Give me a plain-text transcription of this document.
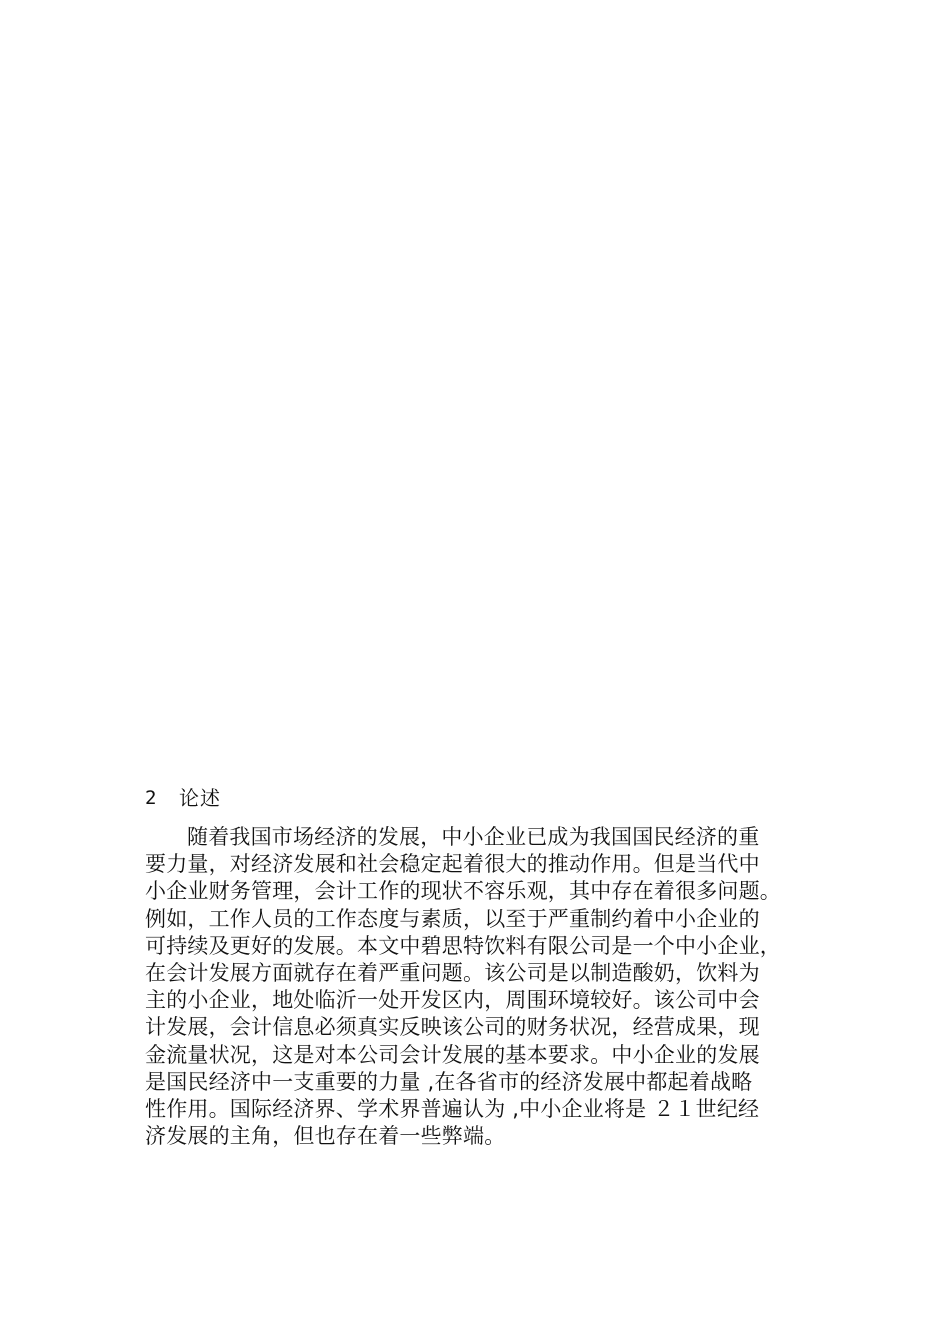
2	论述
随着我国市场经济的发展，中小企业已成为我国国民经济的重
要力量，对经济发展和社会稳定起着很大的推动作用。但是当代中
小企业财务管理，会计工作的现状不容乐观，其中存在着很多问题。
例如，工作人员的工作态度与素质，以至于严重制约着中小企业的
可持续及更好的发展。本文中碧思特饮料有限公司是一个中小企业，
在会计发展方面就存在着严重问题。该公司是以制造酸奶，饮料为
主的小企业，地处临沂一处开发区内，周围环境较好。该公司中会
计发展，会计信息必须真实反映该公司的财务状况，经营成果，现
金流量状况，这是对本公司会计发展的基本要求。中小企业的发展
是国民经济中一支重要的力量 ,在各省市的经济发展中都起着战略
性作用。国际经济界、学术界普遍认为 ,中小企业将是 ２１世纪经
济发展的主角，但也存在着一些弊端。
